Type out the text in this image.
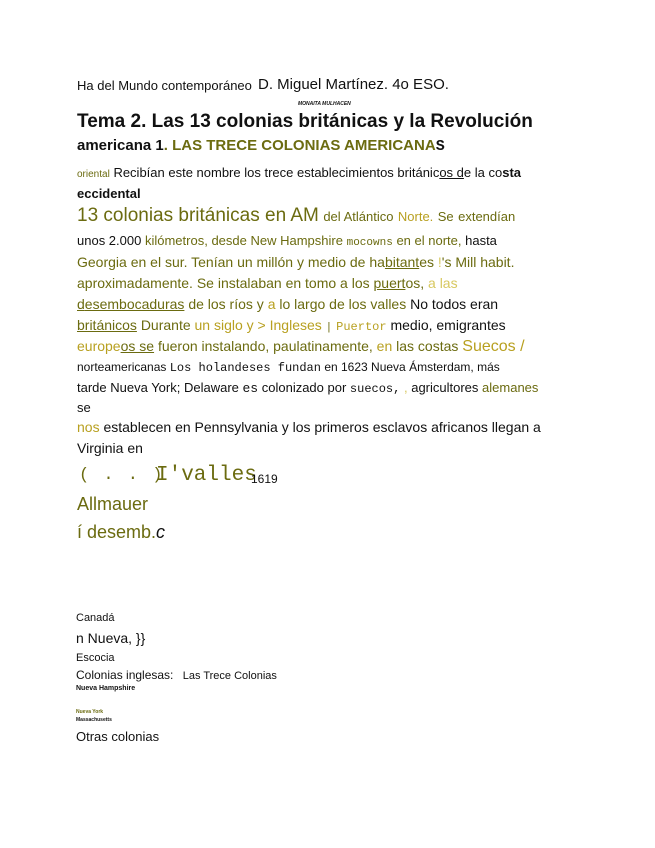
Ha del Mundo contemporáneo D. Miguel Martínez. 4o ESO.
MONAITA MULHACEN
Tema 2. Las 13 colonias británicas y la Revolución
americana 1. LAS TRECE COLONIAS AMERICANAS
oriental Recibían este nombre los trece establecimientos británicos de la costa
eccidental
13 colonias británicas en AM del Atlántico Norte. Se extendían
unos 2.000 kilómetros, desde New Hampshire mocowns en el norte, hasta
Georgia en el sur. Tenían un millón y medio de habitantes !'s Mill habit.
aproximadamente. Se instalaban en tomo a los puertos, a las
desembocaduras de los ríos y a lo largo de los valles No todos eran
británicos Durante un siglo y > Ingleses | Puertor medio, emigrantes
europeos se fueron instalando, paulatinamente, en las costas Suecos /
norteamericanas Los holandeses fundan en 1623 Nueva Ámsterdam, más
tarde Nueva York; Delaware es colonizado por suecos, , agricultores alemanes
se
nos establecen en Pennsylvania y los primeros esclavos africanos llegan a
Virginia en
( . . )
I'valles
1619
Allmauer
í desemb.c
Canadá
n Nueva, }}
Escocia
Colonias inglesas: Las Trece Colonias
Nueva Hampshire
Nueva York
Massachusetts
Otras colonias
